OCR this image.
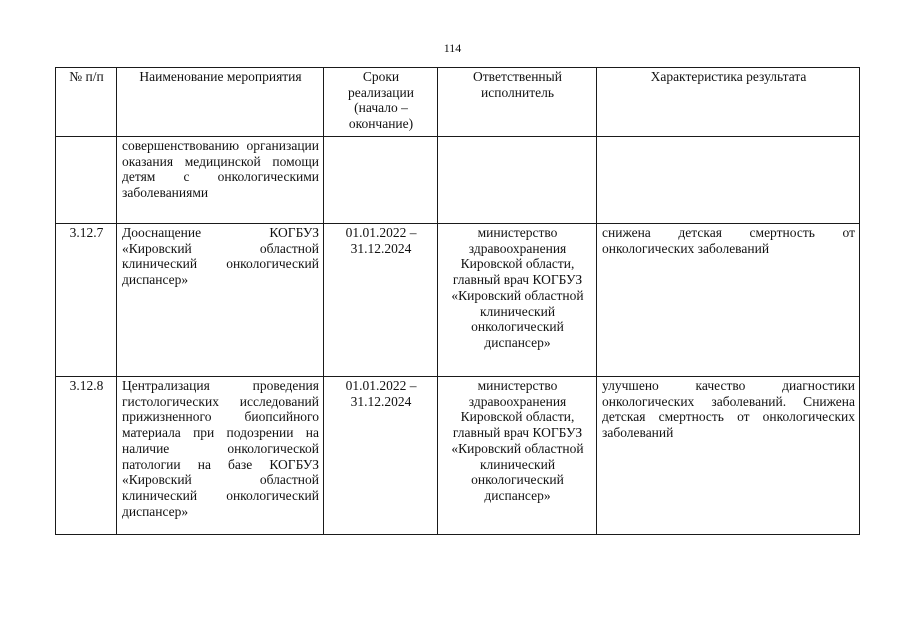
114
№ п/п	Наименование мероприятия	Сроки реализации (начало – окончание)	Ответственный исполнитель	Характеристика результата
	совершенствованию организации оказания медицинской помощи детям с онкологическими заболеваниями			
3.12.7	Дооснащение КОГБУЗ «Кировский областной клинический онкологический диспансер»	01.01.2022 – 31.12.2024	министерство здравоохранения Кировской области, главный врач КОГБУЗ «Кировский областной клинический онкологический диспансер»	снижена детская смертность от онкологических заболеваний
3.12.8	Централизация проведения гистологических исследований прижизненного биопсийного материала при подозрении на наличие онкологической патологии на базе КОГБУЗ «Кировский областной клинический онкологический диспансер»	01.01.2022 – 31.12.2024	министерство здравоохранения Кировской области, главный врач КОГБУЗ «Кировский областной клинический онкологический диспансер»	улучшено качество диагностики онкологических заболеваний. Снижена детская смертность от онкологических заболеваний
